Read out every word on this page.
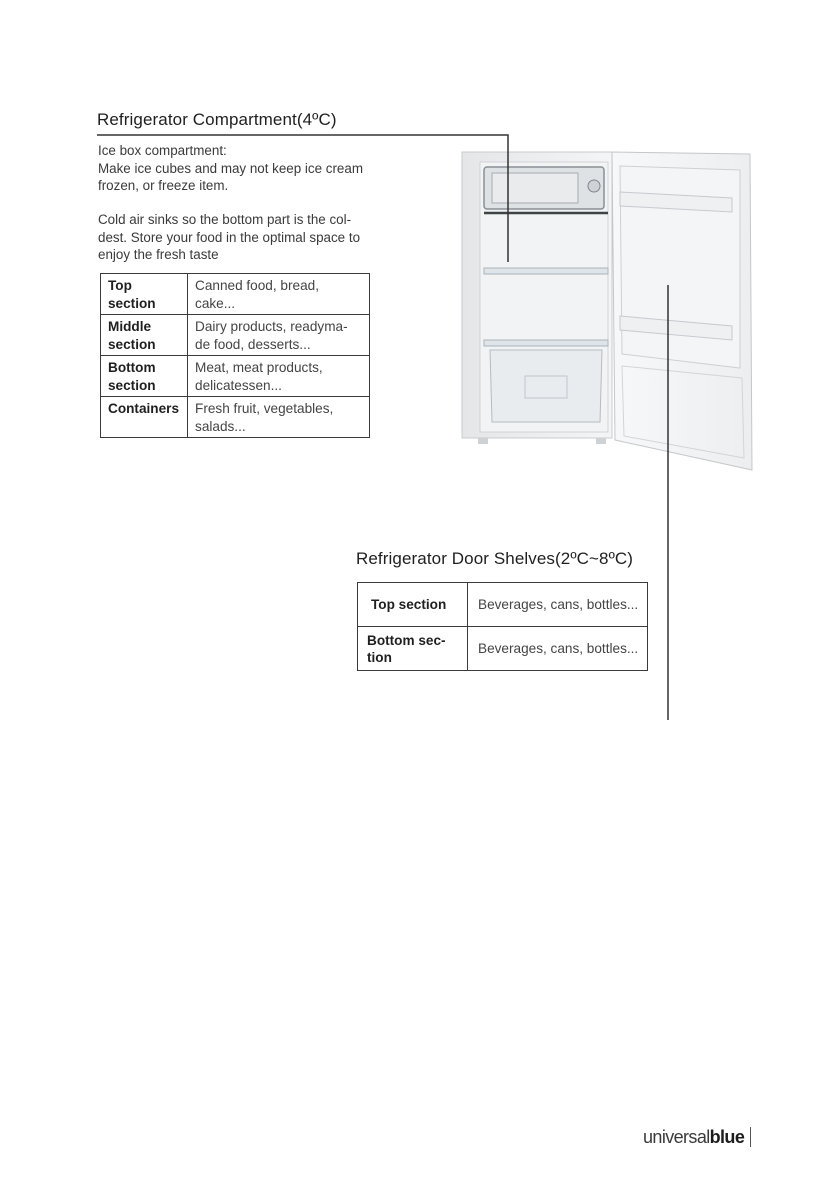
Refrigerator Compartment(4ºC)

Ice box compartment:
Make ice cubes and may not keep ice cream
frozen, or freeze item.

Cold air sinks so the bottom part is the col-
dest. Store your food in the optimal space to
enjoy the fresh taste

Top
section	Canned food, bread,
cake...
Middle
section	Dairy products, readyma-
de food, desserts...
Bottom
section	Meat, meat products,
delicatessen...
Containers	Fresh fruit, vegetables,
salads...
Refrigerator Door Shelves(2ºC~8ºC)
Top section	Beverages, cans, bottles...
Bottom sec-
tion	Beverages, cans, bottles...
universalblue
